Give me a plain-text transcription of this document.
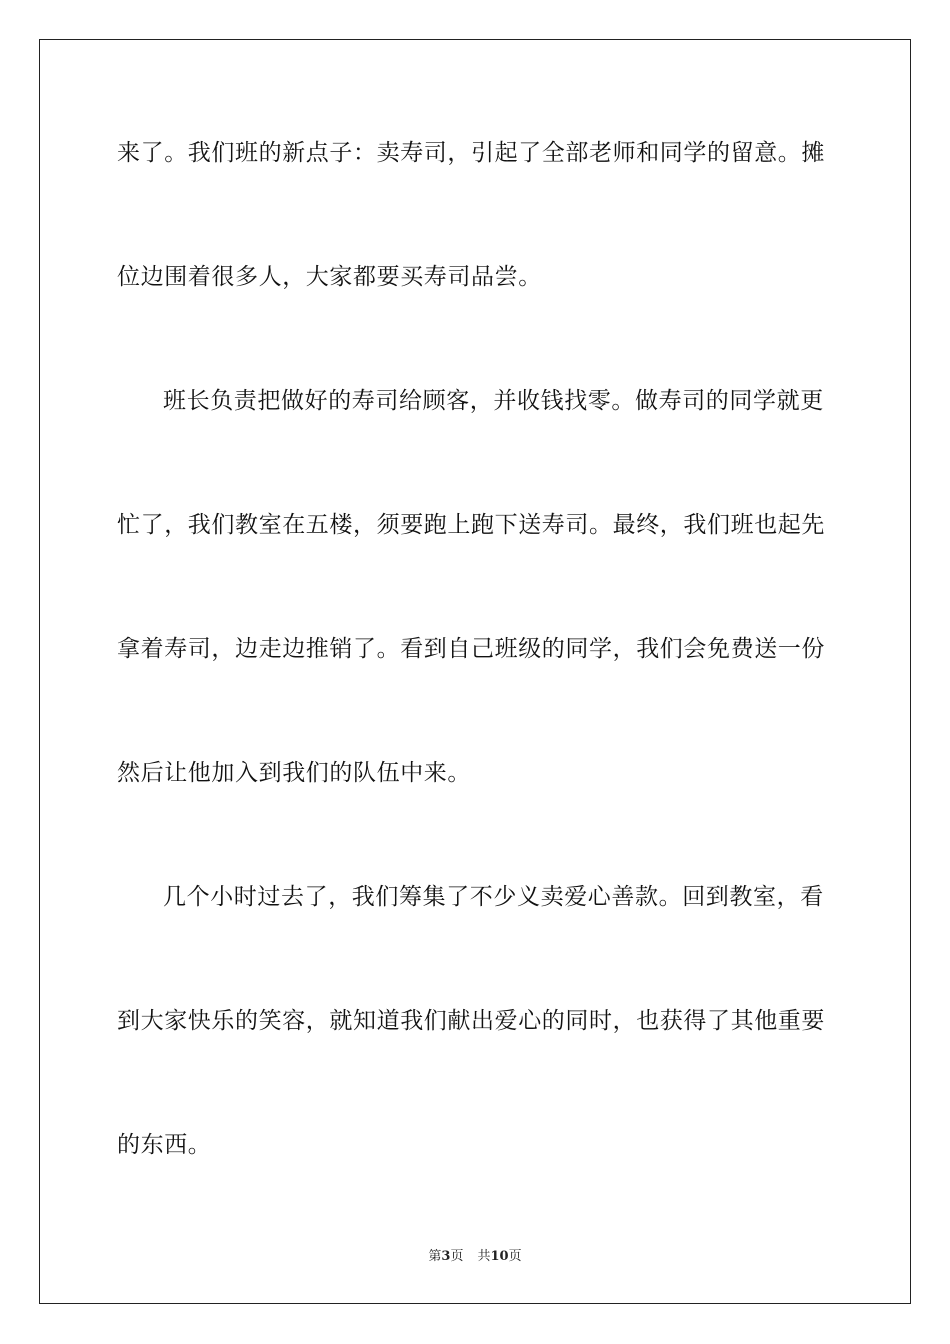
来了。我们班的新点子：卖寿司，引起了全部老师和同学的留意。摊
位边围着很多人，大家都要买寿司品尝。
班长负责把做好的寿司给顾客，并收钱找零。做寿司的同学就更
忙了，我们教室在五楼，须要跑上跑下送寿司。最终，我们班也起先
拿着寿司，边走边推销了。看到自己班级的同学，我们会免费送一份
然后让他加入到我们的队伍中来。
几个小时过去了，我们筹集了不少义卖爱心善款。回到教室，看
到大家快乐的笑容，就知道我们献出爱心的同时，也获得了其他重要
的东西。
第3页 共10页
